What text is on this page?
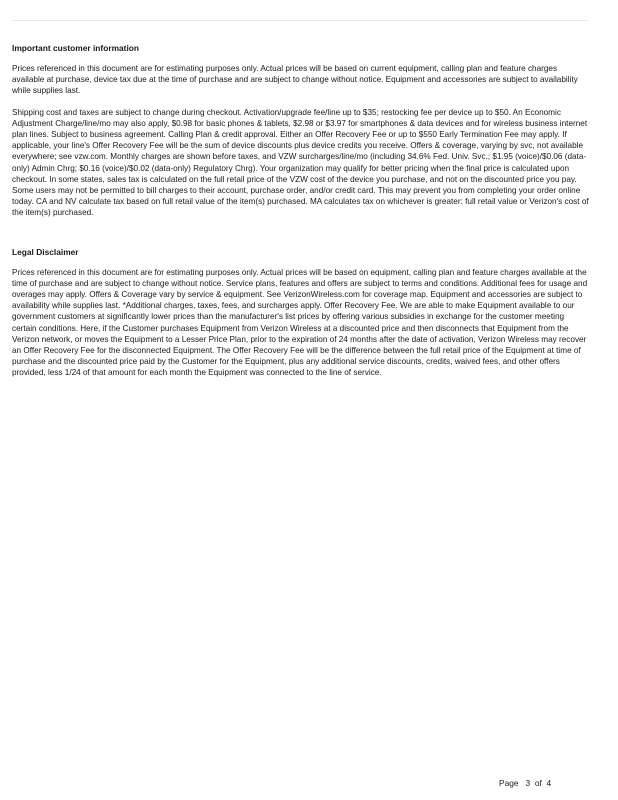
Important customer information

Prices referenced in this document are for estimating purposes only. Actual prices will be based on current equipment, calling plan and feature charges available at purchase, device tax due at the time of purchase and are subject to change without notice. Equipment and accessories are subject to availability while supplies last.

Shipping cost and taxes are subject to change during checkout. Activation/upgrade fee/line up to $35; restocking fee per device up to $50. An Economic Adjustment Charge/line/mo may also apply, $0.98 for basic phones & tablets, $2.98 or $3.97 for smartphones & data devices and for wireless business internet plan lines. Subject to business agreement. Calling Plan & credit approval. Either an Offer Recovery Fee or up to $550 Early Termination Fee may apply. If applicable, your line's Offer Recovery Fee will be the sum of device discounts plus device credits you receive. Offers & coverage, varying by svc, not available everywhere; see vzw.com. Monthly charges are shown before taxes, and VZW surcharges/line/mo (including 34.6% Fed. Univ. Svc.; $1.95 (voice)/$0.06 (data-only) Admin Chrg; $0.16 (voice)/$0.02 (data-only) Regulatory Chrg). Your organization may qualify for better pricing when the final price is calculated upon checkout. In some states, sales tax is calculated on the full retail price of the VZW cost of the device you purchase, and not on the discounted price you pay. Some users may not be permitted to bill charges to their account, purchase order, and/or credit card. This may prevent you from completing your order online today. CA and NV calculate tax based on full retail value of the item(s) purchased. MA calculates tax on whichever is greater: full retail value or Verizon's cost of the item(s) purchased.

Legal Disclaimer

Prices referenced in this document are for estimating purposes only. Actual prices will be based on equipment, calling plan and feature charges available at the time of purchase and are subject to change without notice. Service plans, features and offers are subject to terms and conditions. Additional fees for usage and overages may apply. Offers & Coverage vary by service & equipment. See VerizonWireless.com for coverage map. Equipment and accessories are subject to availability while supplies last. *Additional charges, taxes, fees, and surcharges apply. Offer Recovery Fee. We are able to make Equipment available to our government customers at significantly lower prices than the manufacturer's list prices by offering various subsidies in exchange for the customer meeting certain conditions. Here, if the Customer purchases Equipment from Verizon Wireless at a discounted price and then disconnects that Equipment from the Verizon network, or moves the Equipment to a Lesser Price Plan, prior to the expiration of 24 months after the date of activation, Verizon Wireless may recover an Offer Recovery Fee for the disconnected Equipment. The Offer Recovery Fee will be the difference between the full retail price of the Equipment at time of purchase and the discounted price paid by the Customer for the Equipment, plus any additional service discounts, credits, waived fees, and other offers provided, less 1/24 of that amount for each month the Equipment was connected to the line of service.

Page   3  of  4
